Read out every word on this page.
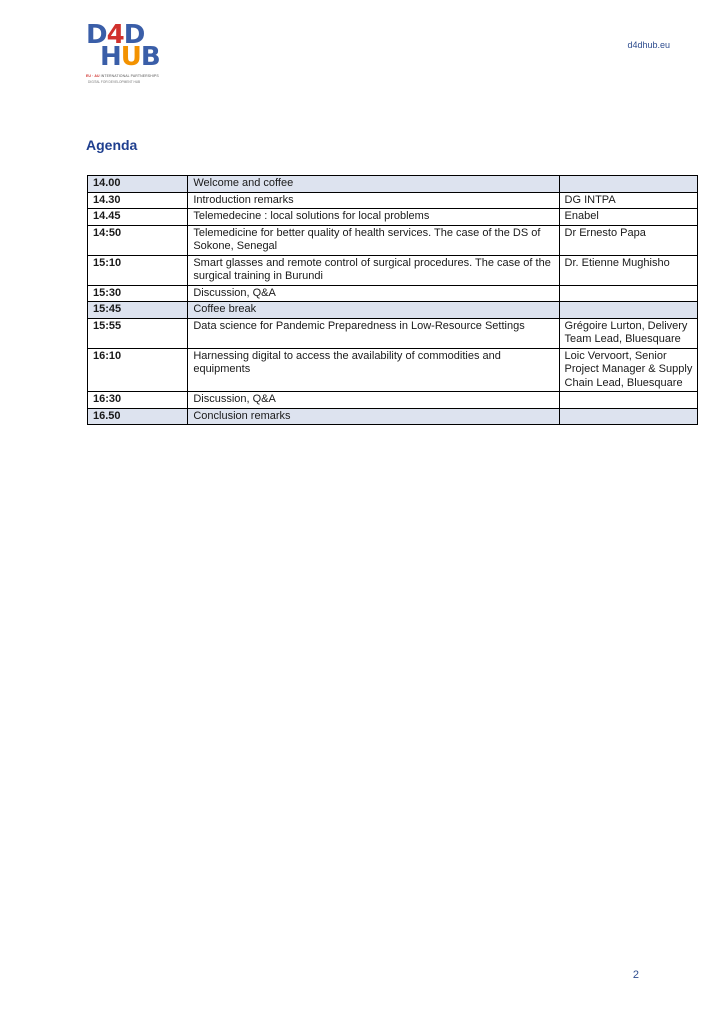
D4D
HUB
EU · AU INTERNATIONAL PARTNERSHIPS
DIGITAL FOR DEVELOPMENT HUB
d4dhub.eu
Agenda
14.00	Welcome and coffee	
14.30	Introduction remarks	DG INTPA
14.45	Telemedecine : local solutions for local problems	Enabel
14:50	Telemedicine for better quality of health services. The case of the DS of Sokone, Senegal	Dr Ernesto Papa
15:10	Smart glasses and remote control of surgical procedures. The case of the surgical training in Burundi	Dr. Etienne Mughisho
15:30	Discussion, Q&A	
15:45	Coffee break	
15:55	Data science for Pandemic Preparedness in Low-Resource Settings	Grégoire Lurton, Delivery Team Lead, Bluesquare
16:10	Harnessing digital to access the availability of commodities and equipments	Loic Vervoort, Senior Project Manager & Supply Chain Lead, Bluesquare
16:30	Discussion, Q&A	
16.50	Conclusion remarks	
2
